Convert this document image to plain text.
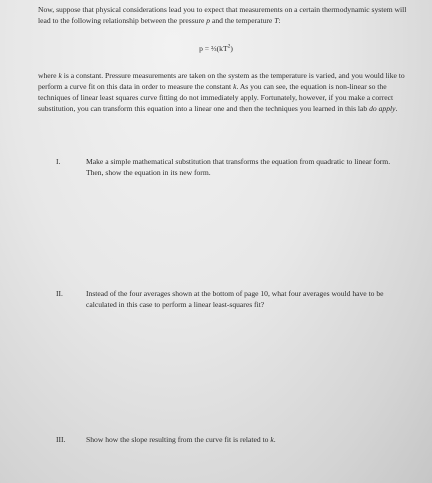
Now, suppose that physical considerations lead you to expect that measurements on a certain thermodynamic system will lead to the following relationship between the pressure p and the temperature T:

$p = \frac{2}{3}(kT^2)$

where k is a constant. Pressure measurements are taken on the system as the temperature is varied, and you would like to perform a curve fit on this data in order to measure the constant k. As you can see, the equation is non-linear so the techniques of linear least squares curve fitting do not immediately apply. Fortunately, however, if you make a correct substitution, you can transform this equation into a linear one and then the techniques you learned in this lab do apply.

I.	Make a simple mathematical substitution that transforms the equation from quadratic to linear form. Then, show the equation in its new form.

II.	Instead of the four averages shown at the bottom of page 10, what four averages would have to be calculated in this case to perform a linear least-squares fit?

III.	Show how the slope resulting from the curve fit is related to k.
